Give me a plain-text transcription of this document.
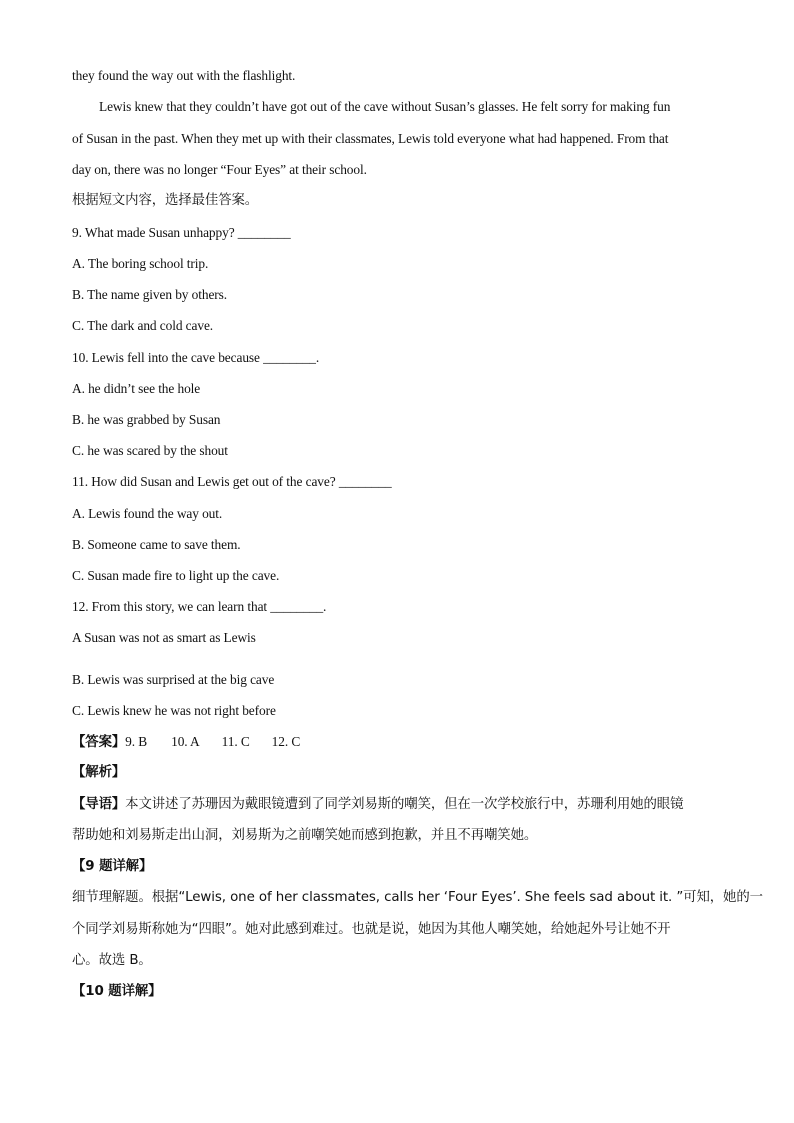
they found the way out with the flashlight.
Lewis knew that they couldn’t have got out of the cave without Susan’s glasses. He felt sorry for making fun
of Susan in the past. When they met up with their classmates, Lewis told everyone what had happened. From that
day on, there was no longer “Four Eyes” at their school.
根据短文内容，选择最佳答案。
9. What made Susan unhappy? ________
A. The boring school trip.
B. The name given by others.
C. The dark and cold cave.
10. Lewis fell into the cave because ________.
A. he didn’t see the hole
B. he was grabbed by Susan
C. he was scared by the shout
11. How did Susan and Lewis get out of the cave? ________
A. Lewis found the way out.
B. Someone came to save them.
C. Susan made fire to light up the cave.
12. From this story, we can learn that ________.
A Susan was not as smart as Lewis
B. Lewis was surprised at the big cave
C. Lewis knew he was not right before
【答案】9. B 10. A 11. C 12. C
【解析】
【导语】本文讲述了苏珊因为戴眼镜遭到了同学刘易斯的嘲笑，但在一次学校旅行中，苏珊利用她的眼镜
帮助她和刘易斯走出山洞，刘易斯为之前嘲笑她而感到抱歉，并且不再嘲笑她。
【9 题详解】
细节理解题。根据“Lewis, one of her classmates, calls her ‘Four Eyes’. She feels sad about it. ”可知，她的一
个同学刘易斯称她为“四眼”。她对此感到难过。也就是说，她因为其他人嘲笑她，给她起外号让她不开
心。故选 B。
【10 题详解】
